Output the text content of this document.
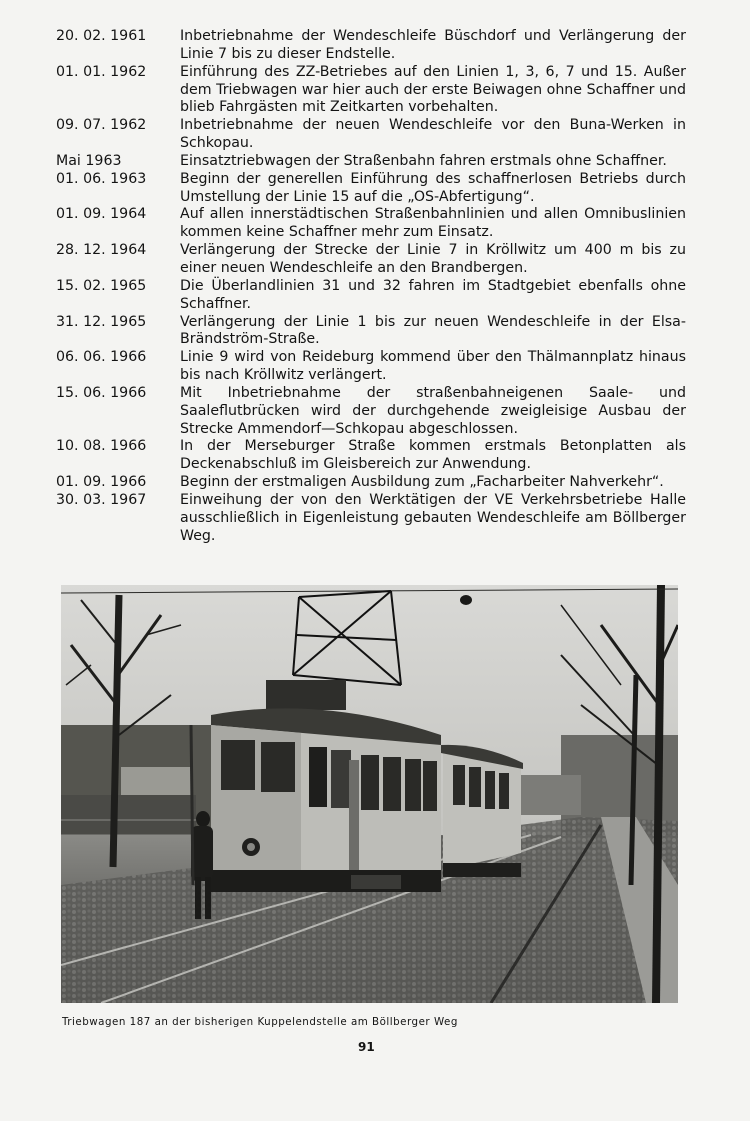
20. 02. 1961	Inbetriebnahme der Wendeschleife Büschdorf und Verlängerung der Linie 7 bis zu dieser Endstelle.
01. 01. 1962	Einführung des ZZ-Betriebes auf den Linien 1, 3, 6, 7 und 15. Außer dem Triebwagen war hier auch der erste Beiwagen ohne Schaffner und blieb Fahrgästen mit Zeitkarten vorbehalten.
09. 07. 1962	Inbetriebnahme der neuen Wendeschleife vor den Buna-Werken in Schkopau.
Mai 1963	Einsatztriebwagen der Straßenbahn fahren erstmals ohne Schaffner.
01. 06. 1963	Beginn der generellen Einführung des schaffnerlosen Betriebs durch Umstellung der Linie 15 auf die „OS-Abfertigung“.
01. 09. 1964	Auf allen innerstädtischen Straßenbahnlinien und allen Omnibuslinien kommen keine Schaffner mehr zum Einsatz.
28. 12. 1964	Verlängerung der Strecke der Linie 7 in Kröllwitz um 400 m bis zu einer neuen Wendeschleife an den Brandbergen.
15. 02. 1965	Die Überlandlinien 31 und 32 fahren im Stadtgebiet ebenfalls ohne Schaffner.
31. 12. 1965	Verlängerung der Linie 1 bis zur neuen Wendeschleife in der Elsa-Brändström-Straße.
06. 06. 1966	Linie 9 wird von Reideburg kommend über den Thälmannplatz hinaus bis nach Kröllwitz verlängert.
15. 06. 1966	Mit Inbetriebnahme der straßenbahneigenen Saale- und Saaleflutbrücken wird der durchgehende zweigleisige Ausbau der Strecke Ammendorf—Schkopau abgeschlossen.
10. 08. 1966	In der Merseburger Straße kommen erstmals Betonplatten als Deckenabschluß im Gleisbereich zur Anwendung.
01. 09. 1966	Beginn der erstmaligen Ausbildung zum „Facharbeiter Nahverkehr“.
30. 03. 1967	Einweihung der von den Werktätigen der VE Verkehrsbetriebe Halle ausschließlich in Eigenleistung gebauten Wendeschleife am Böllberger Weg.
Triebwagen 187 an der bisherigen Kuppelendstelle am Böllberger Weg
91
